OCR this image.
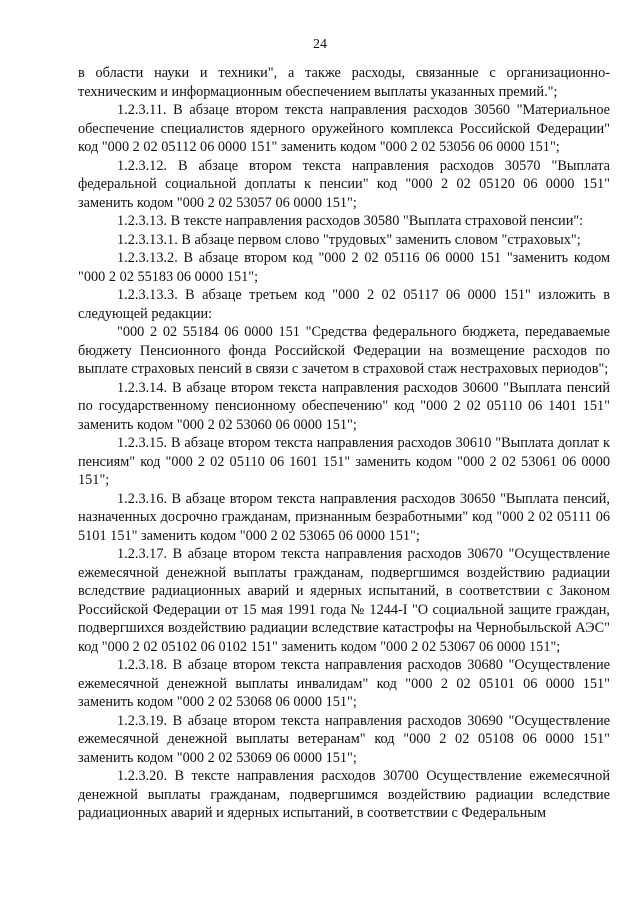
24

в области науки и техники", а также расходы, связанные с организационно-техническим и информационным обеспечением выплаты указанных премий.";

1.2.3.11. В абзаце втором текста направления расходов 30560 "Материальное обеспечение специалистов ядерного оружейного комплекса Российской Федерации" код "000 2 02 05112 06 0000 151" заменить кодом "000 2 02 53056 06 0000 151";

1.2.3.12. В абзаце втором текста направления расходов 30570 "Выплата федеральной социальной доплаты к пенсии" код "000 2 02 05120 06 0000 151" заменить кодом "000 2 02 53057 06 0000 151";

1.2.3.13. В тексте направления расходов 30580 "Выплата страховой пенсии":

1.2.3.13.1. В абзаце первом слово "трудовых" заменить словом "страховых";

1.2.3.13.2. В абзаце втором код "000 2 02 05116 06 0000 151 "заменить кодом "000 2 02 55183 06 0000 151";

1.2.3.13.3. В абзаце третьем код "000 2 02 05117 06 0000 151" изложить в следующей редакции:

"000 2 02 55184 06 0000 151 "Средства федерального бюджета, передаваемые бюджету Пенсионного фонда Российской Федерации на возмещение расходов по выплате страховых пенсий в связи с зачетом в страховой стаж нестраховых периодов";

1.2.3.14. В абзаце втором текста направления расходов 30600 "Выплата пенсий по государственному пенсионному обеспечению" код "000 2 02 05110 06 1401 151" заменить кодом "000 2 02 53060 06 0000 151";

1.2.3.15. В абзаце втором текста направления расходов 30610 "Выплата доплат к пенсиям" код "000 2 02 05110 06 1601 151" заменить кодом "000 2 02 53061 06 0000 151";

1.2.3.16. В абзаце втором текста направления расходов 30650 "Выплата пенсий, назначенных досрочно гражданам, признанным безработными" код "000 2 02 05111 06 5101 151" заменить кодом "000 2 02 53065 06 0000 151";

1.2.3.17. В абзаце втором текста направления расходов 30670 "Осуществление ежемесячной денежной выплаты гражданам, подвергшимся воздействию радиации вследствие радиационных аварий и ядерных испытаний, в соответствии с Законом Российской Федерации от 15 мая 1991 года № 1244-I "О социальной защите граждан, подвергшихся воздействию радиации вследствие катастрофы на Чернобыльской АЭС" код "000 2 02 05102 06 0102 151" заменить кодом "000 2 02 53067 06 0000 151";

1.2.3.18. В абзаце втором текста направления расходов 30680 "Осуществление ежемесячной денежной выплаты инвалидам" код "000 2 02 05101 06 0000 151" заменить кодом "000 2 02 53068 06 0000 151";

1.2.3.19. В абзаце втором текста направления расходов 30690 "Осуществление ежемесячной денежной выплаты ветеранам" код "000 2 02 05108 06 0000 151" заменить кодом "000 2 02 53069 06 0000 151";

1.2.3.20. В тексте направления расходов 30700 Осуществление ежемесячной денежной выплаты гражданам, подвергшимся воздействию радиации вследствие радиационных аварий и ядерных испытаний, в соответствии с Федеральным
